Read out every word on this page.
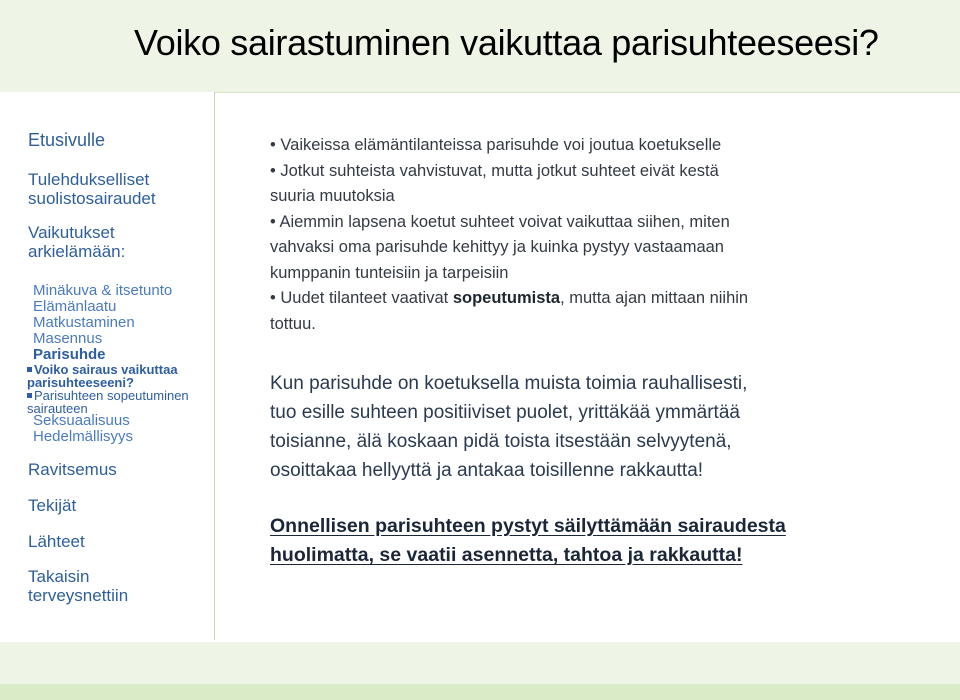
Voiko sairastuminen vaikuttaa parisuhteeseesi?
Etusivulle
Tulehdukselliset
suolistosairaudet
Vaikutukset
arkielämään:
Minäkuva & itsetunto
Elämänlaatu
Matkustaminen
Masennus
Parisuhde
Voiko sairaus vaikuttaa
parisuhteeseeni?
Parisuhteen sopeutuminen
sairauteen
Seksuaalisuus
Hedelmällisyys
Ravitsemus
Tekijät
Lähteet
Takaisin
terveysnettiin
• Vaikeissa elämäntilanteissa parisuhde voi joutua koetukselle
• Jotkut suhteista vahvistuvat, mutta jotkut suhteet eivät kestä
suuria muutoksia
• Aiemmin lapsena koetut suhteet voivat vaikuttaa siihen, miten
vahvaksi oma parisuhde kehittyy ja kuinka pystyy vastaamaan
kumppanin tunteisiin ja tarpeisiin
• Uudet tilanteet vaativat sopeutumista, mutta ajan mittaan niihin
tottuu.
Kun parisuhde on koetuksella muista toimia rauhallisesti,
tuo esille suhteen positiiviset puolet, yrittäkää ymmärtää
toisianne, älä koskaan pidä toista itsestään selvyytenä,
osoittakaa hellyyttä ja antakaa toisillenne rakkautta!
Onnellisen parisuhteen pystyt säilyttämään sairaudesta
huolimatta, se vaatii asennetta, tahtoa ja rakkautta!
